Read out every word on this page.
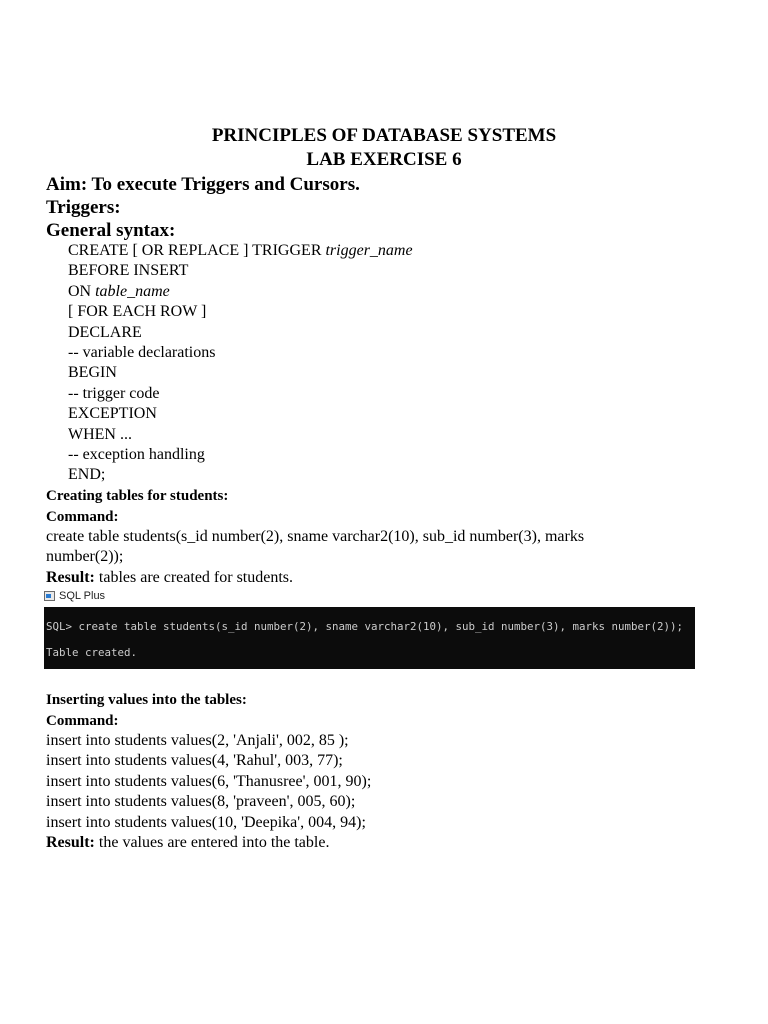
PRINCIPLES OF DATABASE SYSTEMS
LAB EXERCISE 6
Aim: To execute Triggers and Cursors.
Triggers:
General syntax:
CREATE [ OR REPLACE ] TRIGGER trigger_name
BEFORE INSERT
ON table_name
[ FOR EACH ROW ]
DECLARE
-- variable declarations
BEGIN
-- trigger code
EXCEPTION
WHEN ...
-- exception handling
END;
Creating tables for students:
Command:
create table students(s_id number(2), sname varchar2(10), sub_id number(3), marks number(2));
Result: tables are created for students.
SQL Plus
SQL> create table students(s_id number(2), sname varchar2(10), sub_id number(3), marks number(2));
Table created.
Inserting values into the tables:
Command:
insert into students values(2, 'Anjali', 002, 85 );
insert into students values(4, 'Rahul', 003, 77);
insert into students values(6, 'Thanusree', 001, 90);
insert into students values(8, 'praveen', 005, 60);
insert into students values(10, 'Deepika', 004, 94);
Result: the values are entered into the table.
